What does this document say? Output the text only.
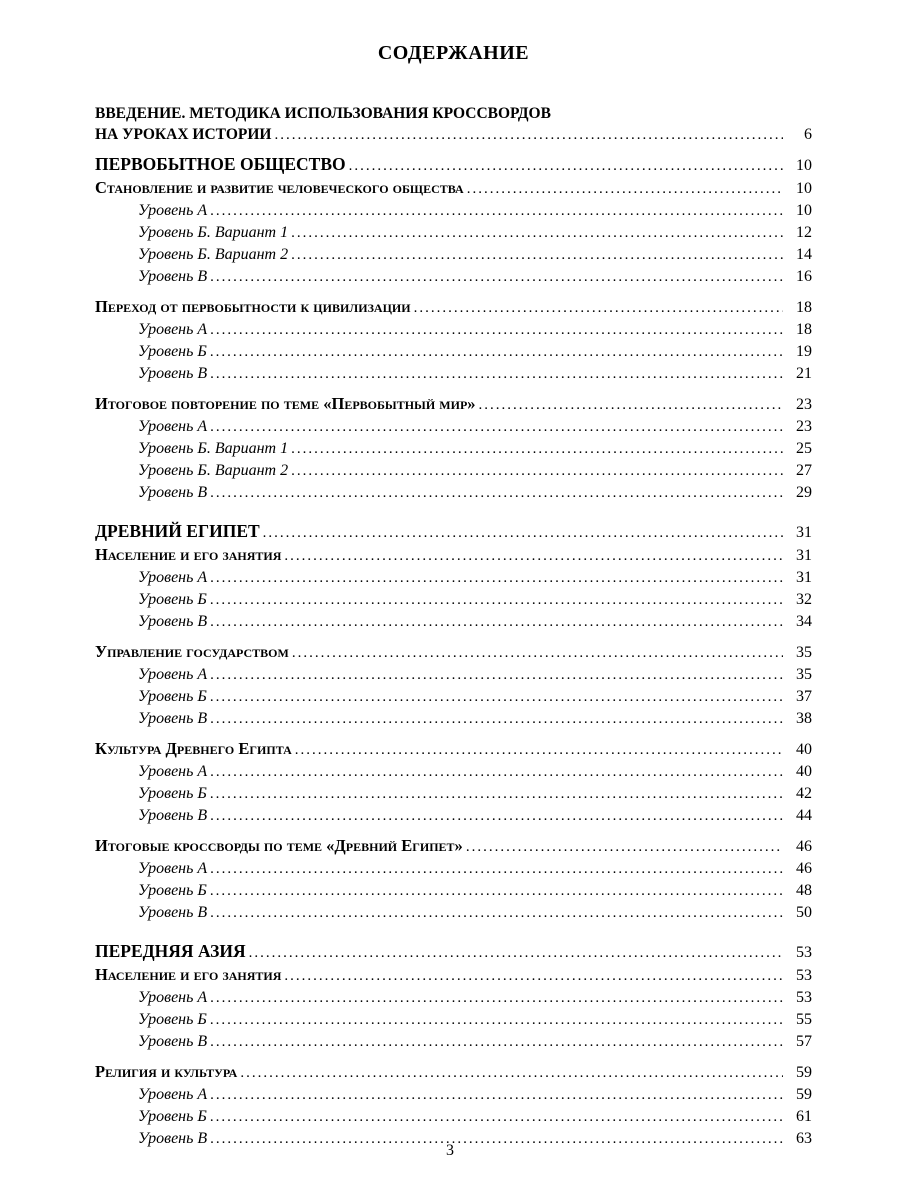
СОДЕРЖАНИЕ
ВВЕДЕНИЕ. МЕТОДИКА ИСПОЛЬЗОВАНИЯ КРОССВОРДОВ
НА УРОКАХ ИСТОРИИ .....	6
ПЕРВОБЫТНОЕ ОБЩЕСТВО .....	10
Становление и развитие человеческого общества .....	10
Уровень А .....	10
Уровень Б. Вариант 1 .....	12
Уровень Б. Вариант 2 .....	14
Уровень В .....	16
Переход от первобытности к цивилизации .....	18
Уровень А .....	18
Уровень Б .....	19
Уровень В .....	21
Итоговое повторение по теме «Первобытный мир» .....	23
Уровень А .....	23
Уровень Б. Вариант 1 .....	25
Уровень Б. Вариант 2 .....	27
Уровень В .....	29
ДРЕВНИЙ ЕГИПЕТ .....	31
Население и его занятия .....	31
Уровень А .....	31
Уровень Б .....	32
Уровень В .....	34
Управление государством .....	35
Уровень А .....	35
Уровень Б .....	37
Уровень В .....	38
Культура Древнего Египта .....	40
Уровень А .....	40
Уровень Б .....	42
Уровень В .....	44
Итоговые кроссворды по теме «Древний Египет» .....	46
Уровень А .....	46
Уровень Б .....	48
Уровень В .....	50
ПЕРЕДНЯЯ АЗИЯ .....	53
Население и его занятия .....	53
Уровень А .....	53
Уровень Б .....	55
Уровень В .....	57
Религия и культура .....	59
Уровень А .....	59
Уровень Б .....	61
Уровень В .....	63
3
